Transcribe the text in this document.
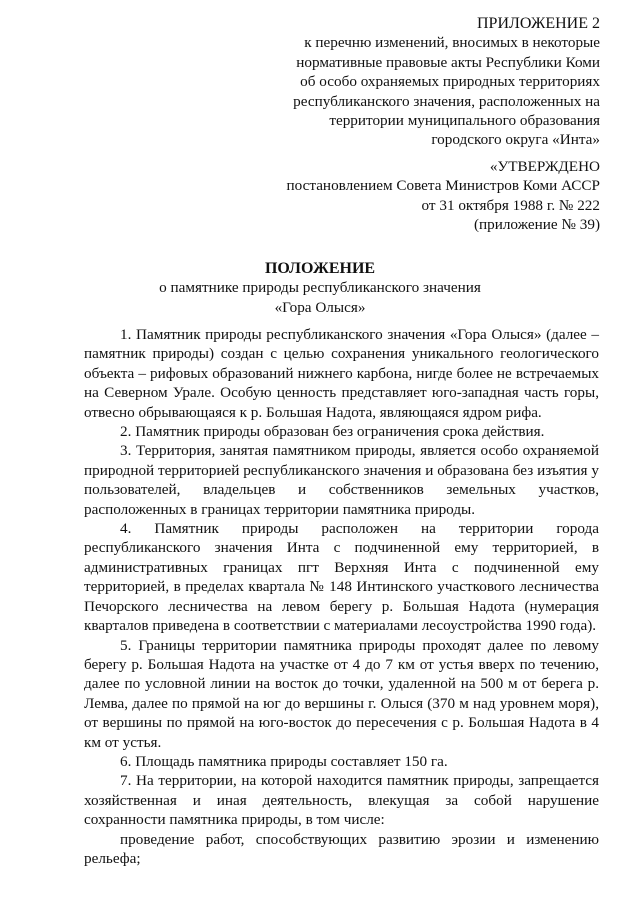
ПРИЛОЖЕНИЕ 2
к перечню изменений, вносимых в некоторые
нормативные правовые акты Республики Коми
об особо охраняемых природных территориях
республиканского значения, расположенных на
территории муниципального образования
городского округа «Инта»
«УТВЕРЖДЕНО
постановлением Совета Министров Коми АССР
от 31 октября 1988 г. № 222
(приложение № 39)
ПОЛОЖЕНИЕ
о памятнике природы республиканского значения
«Гора Олыся»

1. Памятник природы республиканского значения «Гора Олыся» (далее – памятник природы) создан с целью сохранения уникального геологического объекта – рифовых образований нижнего карбона, нигде более не встречаемых на Северном Урале. Особую ценность представляет юго-западная часть горы, отвесно обрывающаяся к р. Большая Надота, являющаяся ядром рифа.

2. Памятник природы образован без ограничения срока действия.

3. Территория, занятая памятником природы, является особо охраняемой природной территорией республиканского значения и образована без изъятия у пользователей, владельцев и собственников земельных участков, расположенных в границах территории памятника природы.

4. Памятник природы расположен на территории города республиканского значения Инта с подчиненной ему территорией, в административных границах пгт Верхняя Инта с подчиненной ему территорией, в пределах квартала № 148 Интинского участкового лесничества Печорского лесничества на левом берегу р. Большая Надота (нумерация кварталов приведена в соответствии с материалами лесоустройства 1990 года).

5. Границы территории памятника природы проходят далее по левому берегу р. Большая Надота на участке от 4 до 7 км от устья вверх по течению, далее по условной линии на восток до точки, удаленной на 500 м от берега р. Лемва, далее по прямой на юг до вершины г. Олыся (370 м над уровнем моря), от вершины по прямой на юго-восток до пересечения с р. Большая Надота в 4 км от устья.

6. Площадь памятника природы составляет 150 га.

7. На территории, на которой находится памятник природы, запрещается хозяйственная и иная деятельность, влекущая за собой нарушение сохранности памятника природы, в том числе:

проведение работ, способствующих развитию эрозии и изменению рельефа;
